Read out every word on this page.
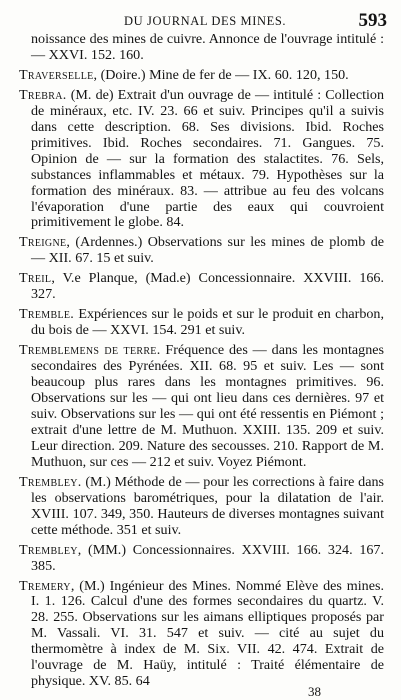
DU JOURNAL DES MINES.	593

noissance des mines de cuivre. Annonce de l'ouvrage intitulé : — XXVI. 152. 160.

Traverselle, (Doire.) Mine de fer de — IX. 60. 120, 150.

Trebra. (M. de) Extrait d'un ouvrage de — intitulé : Collection de minéraux, etc. IV. 23. 66 et suiv. Principes qu'il a suivis dans cette description. 68. Ses divisions. Ibid. Roches primitives. Ibid. Roches secondaires. 71. Gangues. 75. Opinion de — sur la formation des stalactites. 76. Sels, substances inflammables et métaux. 79. Hypothèses sur la formation des minéraux. 83. — attribue au feu des volcans l'évaporation d'une partie des eaux qui couvroient primitivement le globe. 84.

Treigne, (Ardennes.) Observations sur les mines de plomb de — XII. 67. 15 et suiv.

Treil, V.e Planque, (Mad.e) Concessionnaire. XXVIII. 166. 327.

Tremble. Expériences sur le poids et sur le produit en charbon, du bois de — XXVI. 154. 291 et suiv.

Tremblemens de terre. Fréquence des — dans les montagnes secondaires des Pyrénées. XII. 68. 95 et suiv. Les — sont beaucoup plus rares dans les montagnes primitives. 96. Observations sur les — qui ont lieu dans ces dernières. 97 et suiv. Observations sur les — qui ont été ressentis en Piémont ; extrait d'une lettre de M. Muthuon. XXIII. 135. 209 et suiv. Leur direction. 209. Nature des secousses. 210. Rapport de M. Muthuon, sur ces — 212 et suiv. Voyez Piémont.

Trembley. (M.) Méthode de — pour les corrections à faire dans les observations barométriques, pour la dilatation de l'air. XVIII. 107. 349, 350. Hauteurs de diverses montagnes suivant cette méthode. 351 et suiv.

Trembley, (MM.) Concessionnaires. XXVIII. 166. 324. 167. 385.

Tremery, (M.) Ingénieur des Mines. Nommé Elève des mines. I. 1. 126. Calcul d'une des formes secondaires du quartz. V. 28. 255. Observations sur les aimans elliptiques proposés par M. Vassali. VI. 31. 547 et suiv. — cité au sujet du thermomètre à index de M. Six. VII. 42. 474. Extrait de l'ouvrage de M. Haüy, intitulé : Traité élémentaire de physique. XV. 85. 64

38
